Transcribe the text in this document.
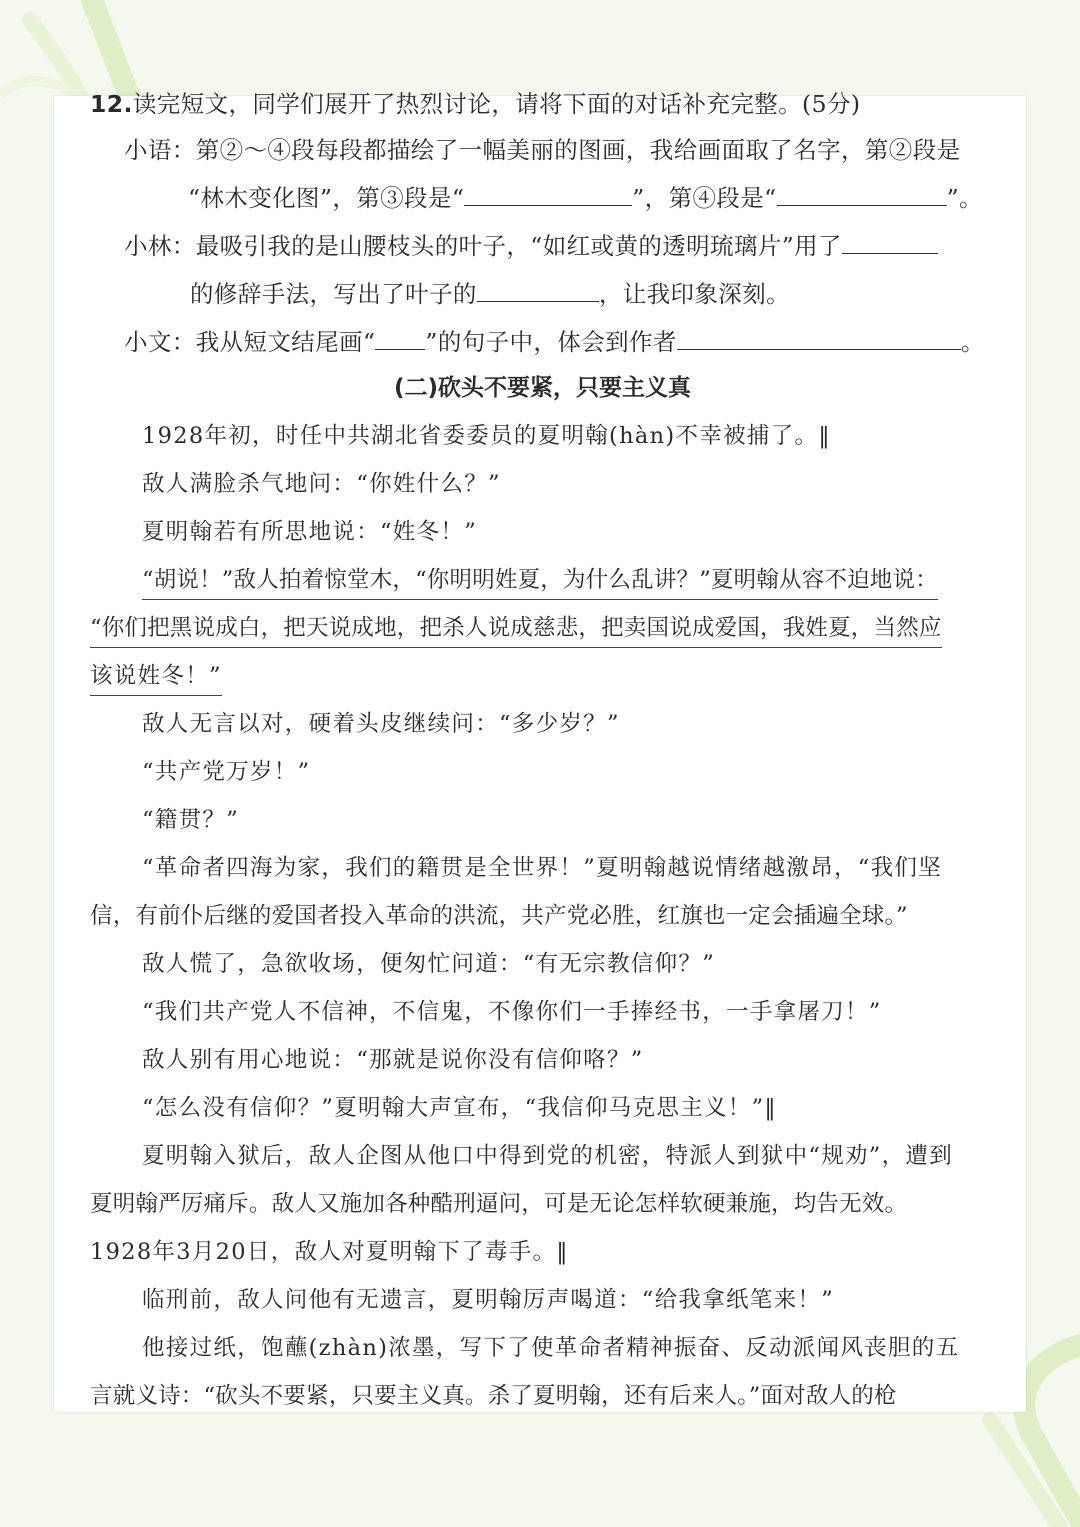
12.读完短文，同学们展开了热烈讨论，请将下面的对话补充完整。(5分)
小语：第②～④段每段都描绘了一幅美丽的图画，我给画面取了名字，第②段是
“林木变化图”，第③段是“	”，第④段是“	”。
小林：最吸引我的是山腰枝头的叶子，“如红或黄的透明琉璃片”用了
的修辞手法，写出了叶子的	，让我印象深刻。
小文：我从短文结尾画“ ”的句子中，体会到作者	。
(二)砍头不要紧，只要主义真
1928年初，时任中共湖北省委委员的夏明翰(hàn)不幸被捕了。‖
敌人满脸杀气地问：“你姓什么？”
夏明翰若有所思地说：“姓冬！”
“胡说！”敌人拍着惊堂木，“你明明姓夏，为什么乱讲？”夏明翰从容不迫地说：
“你们把黑说成白，把天说成地，把杀人说成慈悲，把卖国说成爱国，我姓夏，当然应
该说姓冬！”
敌人无言以对，硬着头皮继续问：“多少岁？”
“共产党万岁！”
“籍贯？”
“革命者四海为家，我们的籍贯是全世界！”夏明翰越说情绪越激昂，“我们坚
信，有前仆后继的爱国者投入革命的洪流，共产党必胜，红旗也一定会插遍全球。”
敌人慌了，急欲收场，便匆忙问道：“有无宗教信仰？”
“我们共产党人不信神，不信鬼，不像你们一手捧经书，一手拿屠刀！”
敌人别有用心地说：“那就是说你没有信仰咯？”
“怎么没有信仰？”夏明翰大声宣布，“我信仰马克思主义！”‖
夏明翰入狱后，敌人企图从他口中得到党的机密，特派人到狱中“规劝”，遭到
夏明翰严厉痛斥。敌人又施加各种酷刑逼问，可是无论怎样软硬兼施，均告无效。
1928年3月20日，敌人对夏明翰下了毒手。‖
临刑前，敌人问他有无遗言，夏明翰厉声喝道：“给我拿纸笔来！”
他接过纸，饱蘸(zhàn)浓墨，写下了使革命者精神振奋、反动派闻风丧胆的五
言就义诗：“砍头不要紧，只要主义真。杀了夏明翰，还有后来人。”面对敌人的枪
